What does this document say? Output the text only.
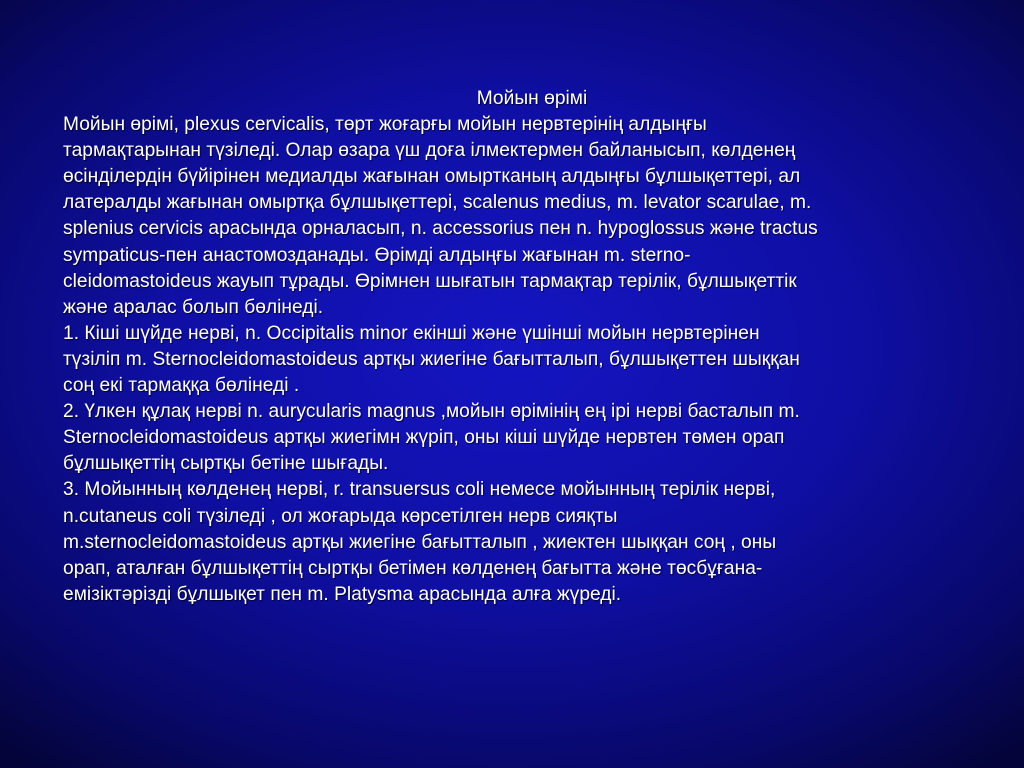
Мойын өрімі

Мойын өрімі, plexus cervicalis, төрт жоғарғы мойын нервтерінің алдыңғы
тармақтарынан түзіледі. Олар өзара үш доға ілмектермен байланысып, көлденең
өсінділердін бүйірінен медиалды жағынан омыртканың алдыңғы бұлшықеттері, ал
латералды жағынан омыртқа бұлшықеттері, scalenus medius, m. levator scarulae, m.
splenius cervicis арасында орналасып, n. accessorius пен n. hypoglossus және tractus
sympaticus-пен анастомозданады. Өрімді алдыңғы жағынан m. sterno-
cleidomastoideus жауып тұрады. Өрімнен шығатын тармақтар терілік, бұлшықеттік
және аралас болып бөлінеді.

1. Кіші шүйде нерві, n. Occipitalis minor екінші және үшінші мойын нервтерінен
түзіліп m. Sternocleidomastoideus артқы жиегіне бағытталып, бұлшықеттен шыққан
соң екі тармаққа бөлінеді .

2. Үлкен құлақ нерві n. aurycularis magnus ,мойын өрімінің ең ірі нерві басталып m.
Sternocleidomastoideus артқы жиегімн жүріп, оны кіші шүйде нервтен төмен орап
бұлшықеттің сыртқы бетіне шығады.

3. Мойынның көлденең нерві, r. transuersus coli немесе мойынның терілік нерві,
n.cutaneus coli түзіледі , ол жоғарыда көрсетілген нерв сияқты
m.sternocleidomastoideus артқы жиегіне бағытталып , жиектен шыққан соң , оны
орап, аталған бұлшықеттің сыртқы бетімен көлденең бағытта және төсбұғана-
емізіктәрізді бұлшықет пен m. Platysma арасында алға жүреді.
